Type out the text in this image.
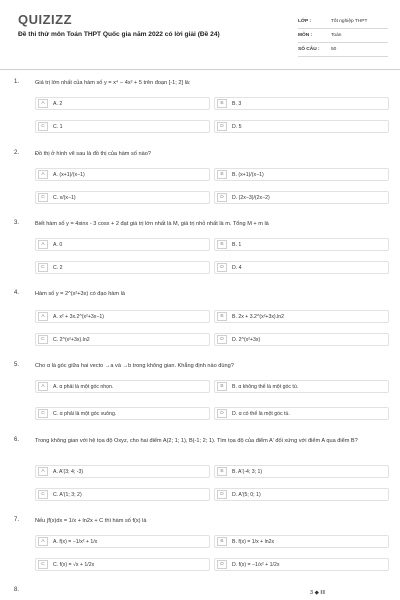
QUIZIZZ
Đề thi thử môn Toán THPT Quốc gia năm 2022 có lời giải (Đề 24)
LỚP :	Tốt nghiệp THPT
MÔN :	Toán
SỐ CÂU :	50
1.	Giá trị lớn nhất của hàm số y = x⁴ − 4x² + 5 trên đoạn [-1; 2] là:
A	A. 2	B	B. 3
C	C. 1	D	D. 5
2.	Đồ thị ở hình vẽ sau là đồ thị của hàm số nào?
A	A. (x+1)/(x−1)	B	B. (x+1)/(x−1)
C	C. x/(x−1)	D	D. (2x−3)/(2x−2)
3.	Biết hàm số y = 4sinx - 3 cosx + 2 đạt giá trị lớn nhất là M, giá trị nhỏ nhất là m. Tổng M + m là
A	A. 0	B	B. 1
C	C. 2	D	D. 4
4.	Hàm số y = 2^(x²+3x) có đạo hàm là
A	A. x² + 3x.2^(x²+3x−1)	B	B. 2x + 3.2^(x²+3x).ln2
C	C. 2^(x²+3x).ln2	D	D. 2^(x²+3x)
5.	Cho α là góc giữa hai vecto →a và →b trong không gian. Khẳng định nào đúng?
A	A. α phải là một góc nhọn.	B	B. α không thể là một góc tù.
C	C. α phải là một góc vuông.	D	D. α có thể là một góc tù.
6.	Trong không gian với hệ tọa độ Oxyz, cho hai điểm A(2; 1; 1), B(-1; 2; 1). Tìm tọa độ của điểm A' đối xứng với điểm A qua điểm B?
A	A. A'(3; 4; -3)	B	B. A'(-4; 3; 1)
C	C. A'(1; 3; 2)	D	D. A'(5; 0; 1)
7.	Nếu ∫f(x)dx = 1/x + ln2x + C thì hàm số f(x) là
A	A. f(x) = −1/x² + 1/x	B	B. f(x) = 1/x + ln2x
C	C. f(x) = √x + 1/2x	D	D. f(x) = −1/x² + 1/2x
8.	3 ◆ ‖‖
